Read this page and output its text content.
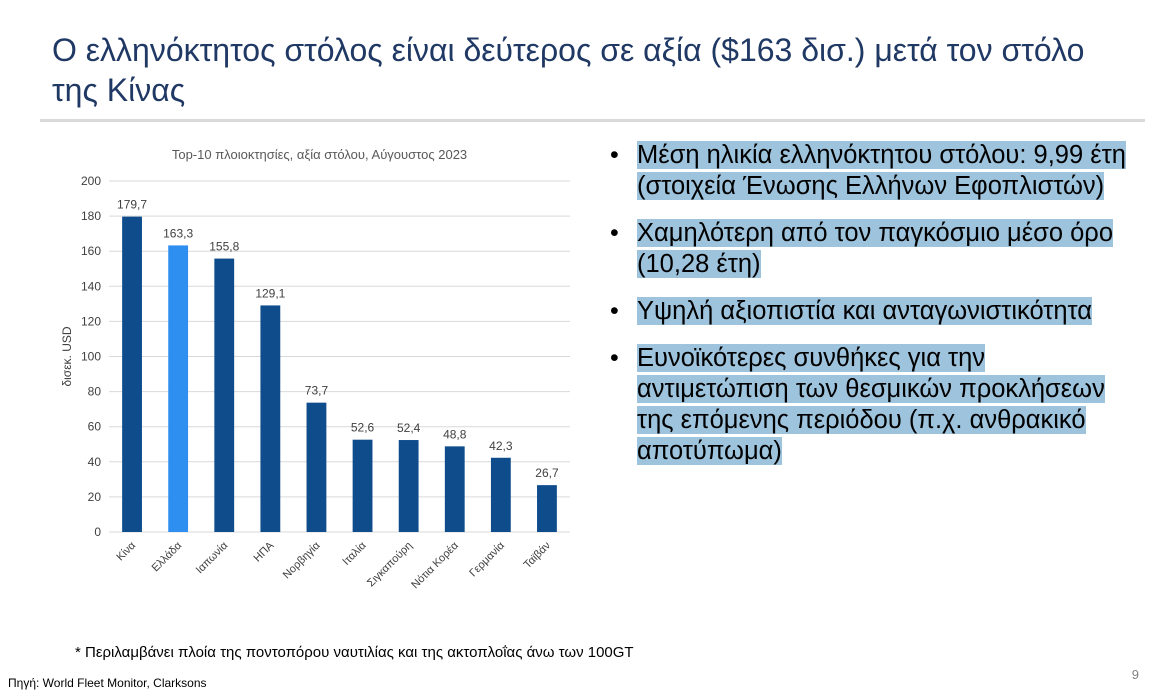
Ο ελληνόκτητος στόλος είναι δεύτερος σε αξία ($163 δισ.) μετά τον στόλο της Κίνας
Top-10 πλοιοκτησίες, αξία στόλου, Αύγουστος 2023
0
20
40
60
80
100
120
140
160
180
200
δισεκ. USD
179,7
Κίνα
163,3
Ελλάδα
155,8
Ιαπωνία
129,1
ΗΠΑ
73,7
Νορβηγία
52,6
Ιταλία
52,4
Σιγκαπούρη
48,8
Νότια Κορέα
42,3
Γερμανία
26,7
Ταϊβάν
• Μέση ηλικία ελληνόκτητου στόλου: 9,99 έτη (στοιχεία Ένωσης Ελλήνων Εφοπλιστών)
• Χαμηλότερη από τον παγκόσμιο μέσο όρο (10,28 έτη)
• Υψηλή αξιοπιστία και ανταγωνιστικότητα
• Ευνοϊκότερες συνθήκες για την αντιμετώπιση των θεσμικών προκλήσεων της επόμενης περιόδου (π.χ. ανθρακικό αποτύπωμα)
* Περιλαμβάνει πλοία της ποντοπόρου ναυτιλίας και της ακτοπλοΐας άνω των 100GT
Πηγή: World Fleet Monitor, Clarksons
9
